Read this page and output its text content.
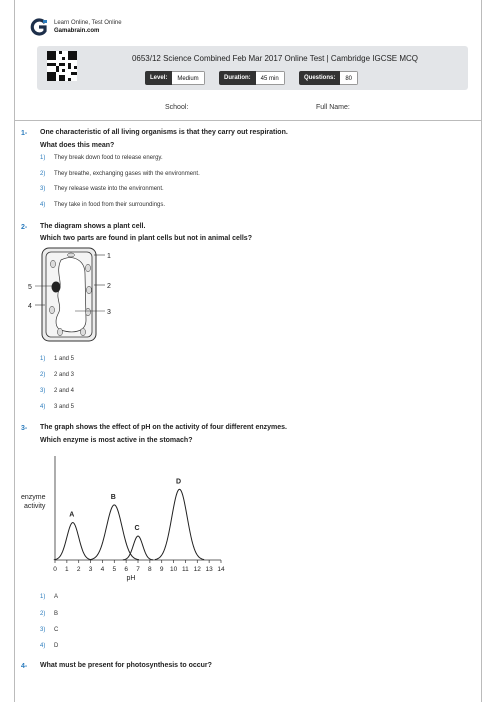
Learn Online, Test Online
Gamabrain.com
0653/12 Science Combined Feb Mar 2017 Online Test | Cambridge IGCSE MCQ
Level:	Medium	Duration:	45 min	Questions:	80
School:	Full Name:
1- One characteristic of all living organisms is that they carry out respiration.
What does this mean?
1) They break down food to release energy.
2) They breathe, exchanging gases with the environment.
3) They release waste into the environment.
4) They take in food from their surroundings.
2- The diagram shows a plant cell.
Which two parts are found in plant cells but not in animal cells?
1
2
3
4
5
1) 1 and 5
2) 2 and 3
3) 2 and 4
4) 3 and 5
3- The graph shows the effect of pH on the activity of four different enzymes.
Which enzyme is most active in the stomach?
0 1 2 3 4 5 6 7 8 9 10 11 12 13 14
A
B
C
D
pH
enzyme
activity
1) A
2) B
3) C
4) D
4- What must be present for photosynthesis to occur?
